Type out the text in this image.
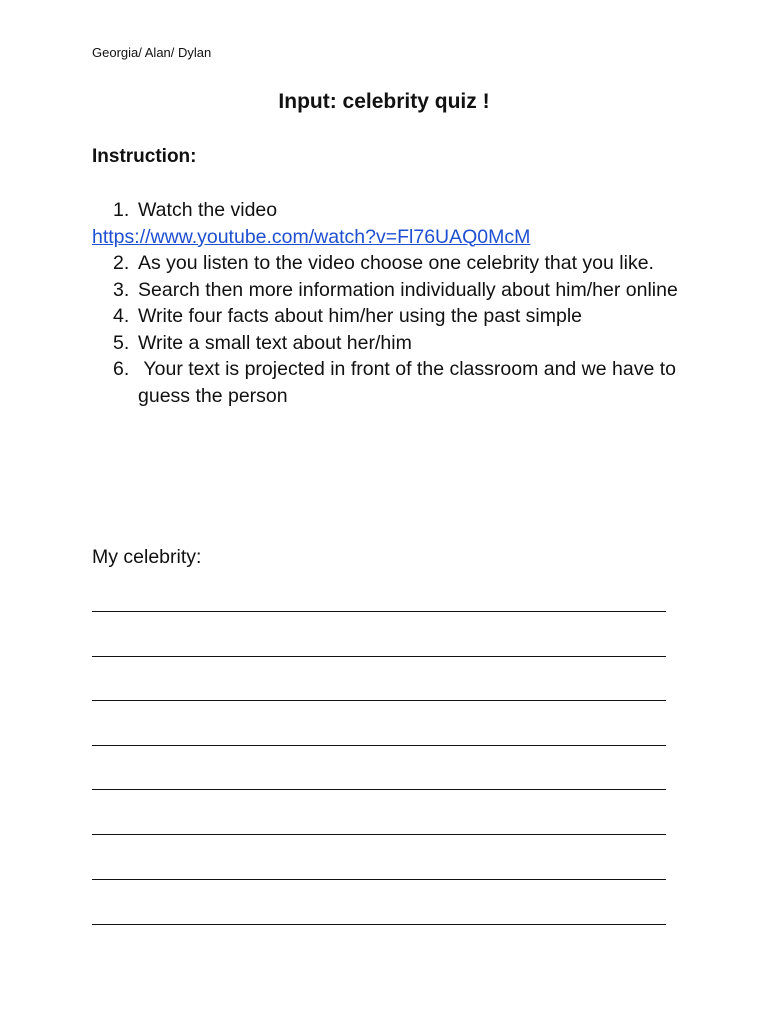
Georgia/ Alan/ Dylan
Input: celebrity quiz !
Instruction:
1. Watch the video
https://www.youtube.com/watch?v=Fl76UAQ0McM
2. As you listen to the video choose one celebrity that you like.
3. Search then more information individually about him/her online
4. Write four facts about him/her using the past simple
5. Write a small text about her/him
6. Your text is projected in front of the classroom and we have to guess the person
My celebrity:
